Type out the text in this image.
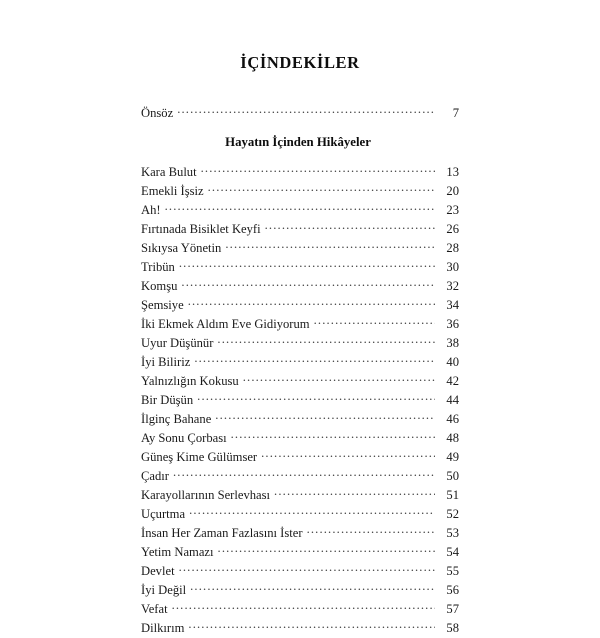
İÇİNDEKİLER
Önsöz .....	7
Hayatın İçinden Hikâyeler
Kara Bulut .....	13
Emekli İşsiz .....	20
Ah! .....	23
Fırtınada Bisiklet Keyfi .....	26
Sıkıysa Yönetin .....	28
Tribün .....	30
Komşu .....	32
Şemsiye .....	34
İki Ekmek Aldım Eve Gidiyorum .....	36
Uyur Düşünür .....	38
İyi Biliriz .....	40
Yalnızlığın Kokusu .....	42
Bir Düşün .....	44
İlginç Bahane .....	46
Ay Sonu Çorbası .....	48
Güneş Kime Gülümser .....	49
Çadır .....	50
Karayollarının Serlevhası .....	51
Uçurtma .....	52
İnsan Her Zaman Fazlasını İster .....	53
Yetim Namazı .....	54
Devlet .....	55
İyi Değil .....	56
Vefat .....	57
Dilkırım .....	58
